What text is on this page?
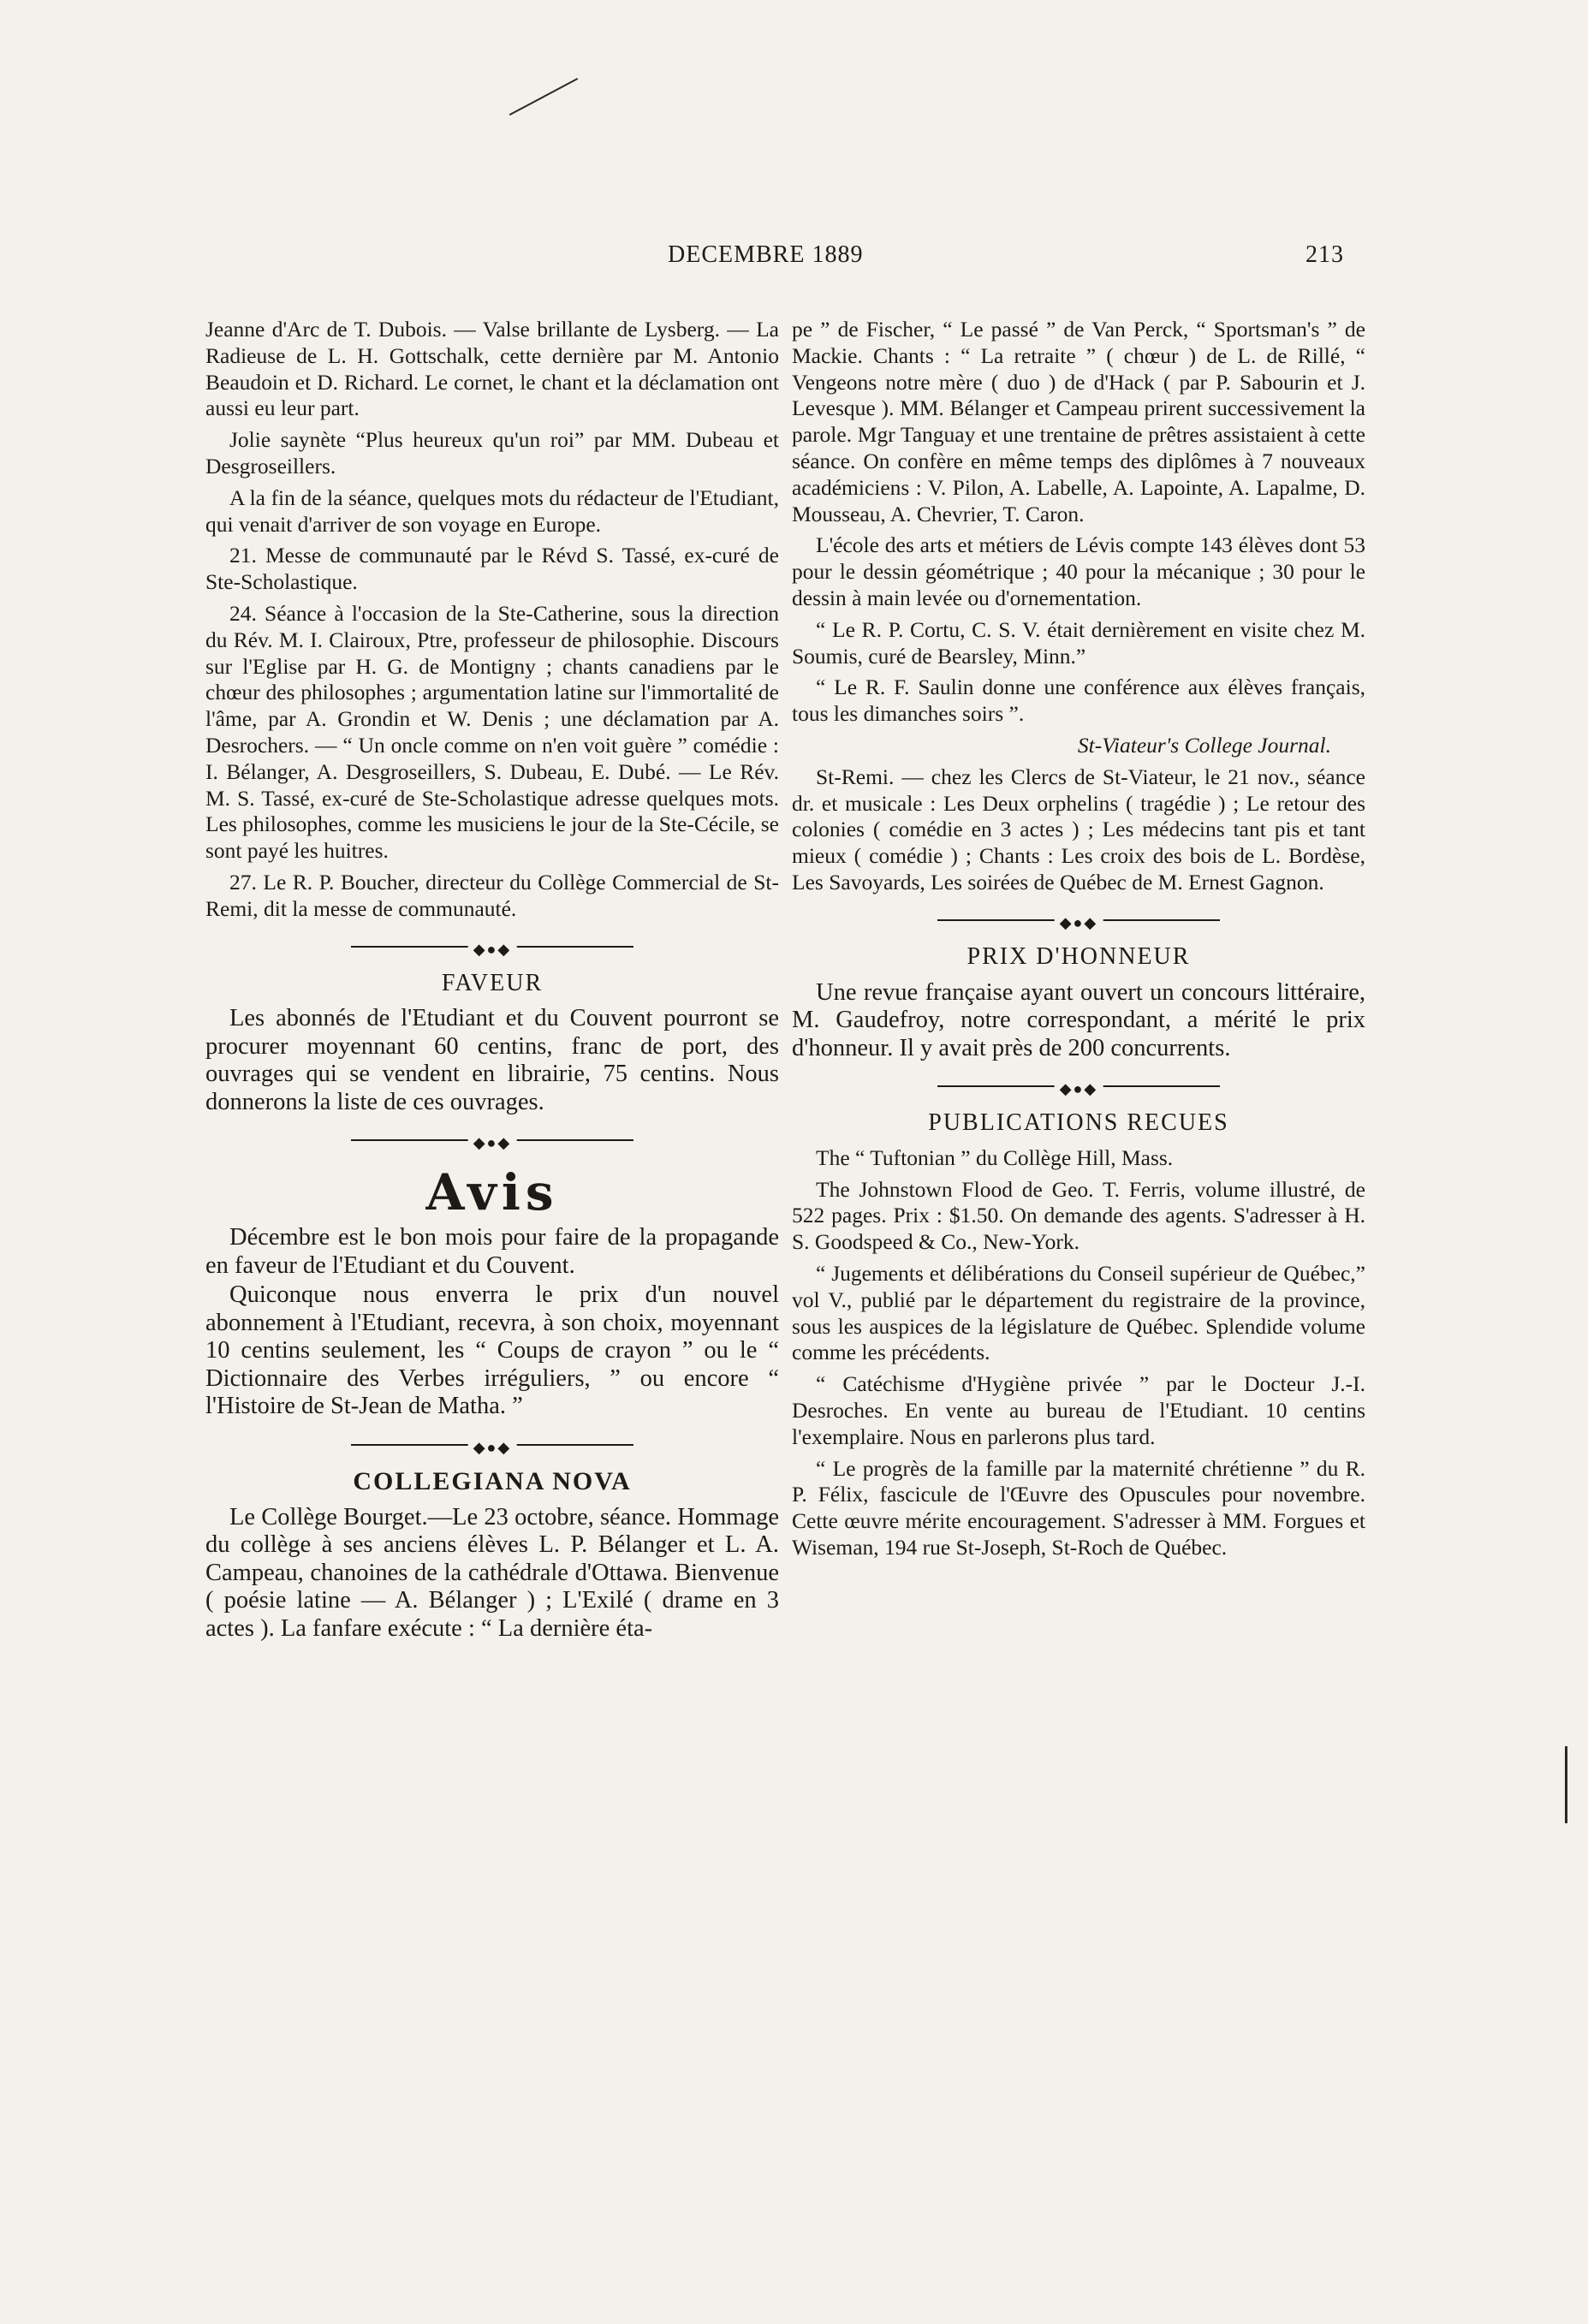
DECEMBRE 1889	213

Jeanne d'Arc de T. Dubois. — Valse brillante de Lysberg. — La Radieuse de L. H. Gottschalk, cette dernière par M. Antonio Beaudoin et D. Richard. Le cornet, le chant et la déclamation ont aussi eu leur part.

Jolie saynète “Plus heureux qu'un roi” par MM. Dubeau et Desgroseillers.

A la fin de la séance, quelques mots du rédacteur de l'Etudiant, qui venait d'arriver de son voyage en Europe.

21. Messe de communauté par le Révd S. Tassé, ex-curé de Ste-Scholastique.

24. Séance à l'occasion de la Ste-Catherine, sous la direction du Rév. M. I. Clairoux, Ptre, professeur de philosophie. Discours sur l'Eglise par H. G. de Montigny ; chants canadiens par le chœur des philosophes ; argumentation latine sur l'immortalité de l'âme, par A. Grondin et W. Denis ; une déclamation par A. Desrochers. — “ Un oncle comme on n'en voit guère ” comédie : I. Bélanger, A. Desgroseillers, S. Dubeau, E. Dubé. — Le Rév. M. S. Tassé, ex-curé de Ste-Scholastique adresse quelques mots. Les philosophes, comme les musiciens le jour de la Ste-Cécile, se sont payé les huitres.

27. Le R. P. Boucher, directeur du Collège Commercial de St-Remi, dit la messe de communauté.

◆●◆
FAVEUR

Les abonnés de l'Etudiant et du Couvent pourront se procurer moyennant 60 centins, franc de port, des ouvrages qui se vendent en librairie, 75 centins. Nous donnerons la liste de ces ouvrages.

◆●◆
Avis

Décembre est le bon mois pour faire de la propagande en faveur de l'Etudiant et du Couvent.

Quiconque nous enverra le prix d'un nouvel abonnement à l'Etudiant, recevra, à son choix, moyennant 10 centins seulement, les “ Coups de crayon ” ou le “ Dictionnaire des Verbes irréguliers, ” ou encore “ l'Histoire de St-Jean de Matha. ”

◆●◆
COLLEGIANA NOVA

Le Collège Bourget.—Le 23 octobre, séance. Hommage du collège à ses anciens élèves L. P. Bélanger et L. A. Campeau, chanoines de la cathédrale d'Ottawa. Bienvenue ( poésie latine — A. Bélanger ) ; L'Exilé ( drame en 3 actes ). La fanfare exécute : “ La dernière éta-

pe ” de Fischer, “ Le passé ” de Van Perck, “ Sportsman's ” de Mackie. Chants : “ La retraite ” ( chœur ) de L. de Rillé, “ Vengeons notre mère ( duo ) de d'Hack ( par P. Sabourin et J. Levesque ). MM. Bélanger et Campeau prirent successivement la parole. Mgr Tanguay et une trentaine de prêtres assistaient à cette séance. On confère en même temps des diplômes à 7 nouveaux académiciens : V. Pilon, A. Labelle, A. Lapointe, A. Lapalme, D. Mousseau, A. Chevrier, T. Caron.

L'école des arts et métiers de Lévis compte 143 élèves dont 53 pour le dessin géométrique ; 40 pour la mécanique ; 30 pour le dessin à main levée ou d'ornementation.

“ Le R. P. Cortu, C. S. V. était dernièrement en visite chez M. Soumis, curé de Bearsley, Minn.”

“ Le R. F. Saulin donne une conférence aux élèves français, tous les dimanches soirs ”.

St-Viateur's College Journal.

St-Remi. — chez les Clercs de St-Viateur, le 21 nov., séance dr. et musicale : Les Deux orphelins ( tragédie ) ; Le retour des colonies ( comédie en 3 actes ) ; Les médecins tant pis et tant mieux ( comédie ) ; Chants : Les croix des bois de L. Bordèse, Les Savoyards, Les soirées de Québec de M. Ernest Gagnon.

◆●◆
PRIX D'HONNEUR

Une revue française ayant ouvert un concours littéraire, M. Gaudefroy, notre correspondant, a mérité le prix d'honneur. Il y avait près de 200 concurrents.

◆●◆
PUBLICATIONS RECUES

The “ Tuftonian ” du Collège Hill, Mass.

The Johnstown Flood de Geo. T. Ferris, volume illustré, de 522 pages. Prix : $1.50. On demande des agents. S'adresser à H. S. Goodspeed & Co., New-York.

“ Jugements et délibérations du Conseil supérieur de Québec,” vol V., publié par le département du registraire de la province, sous les auspices de la législature de Québec. Splendide volume comme les précédents.

“ Catéchisme d'Hygiène privée ” par le Docteur J.-I. Desroches. En vente au bureau de l'Etudiant. 10 centins l'exemplaire. Nous en parlerons plus tard.

“ Le progrès de la famille par la maternité chrétienne ” du R. P. Félix, fascicule de l'Œuvre des Opuscules pour novembre. Cette œuvre mérite encouragement. S'adresser à MM. Forgues et Wiseman, 194 rue St-Joseph, St-Roch de Québec.
